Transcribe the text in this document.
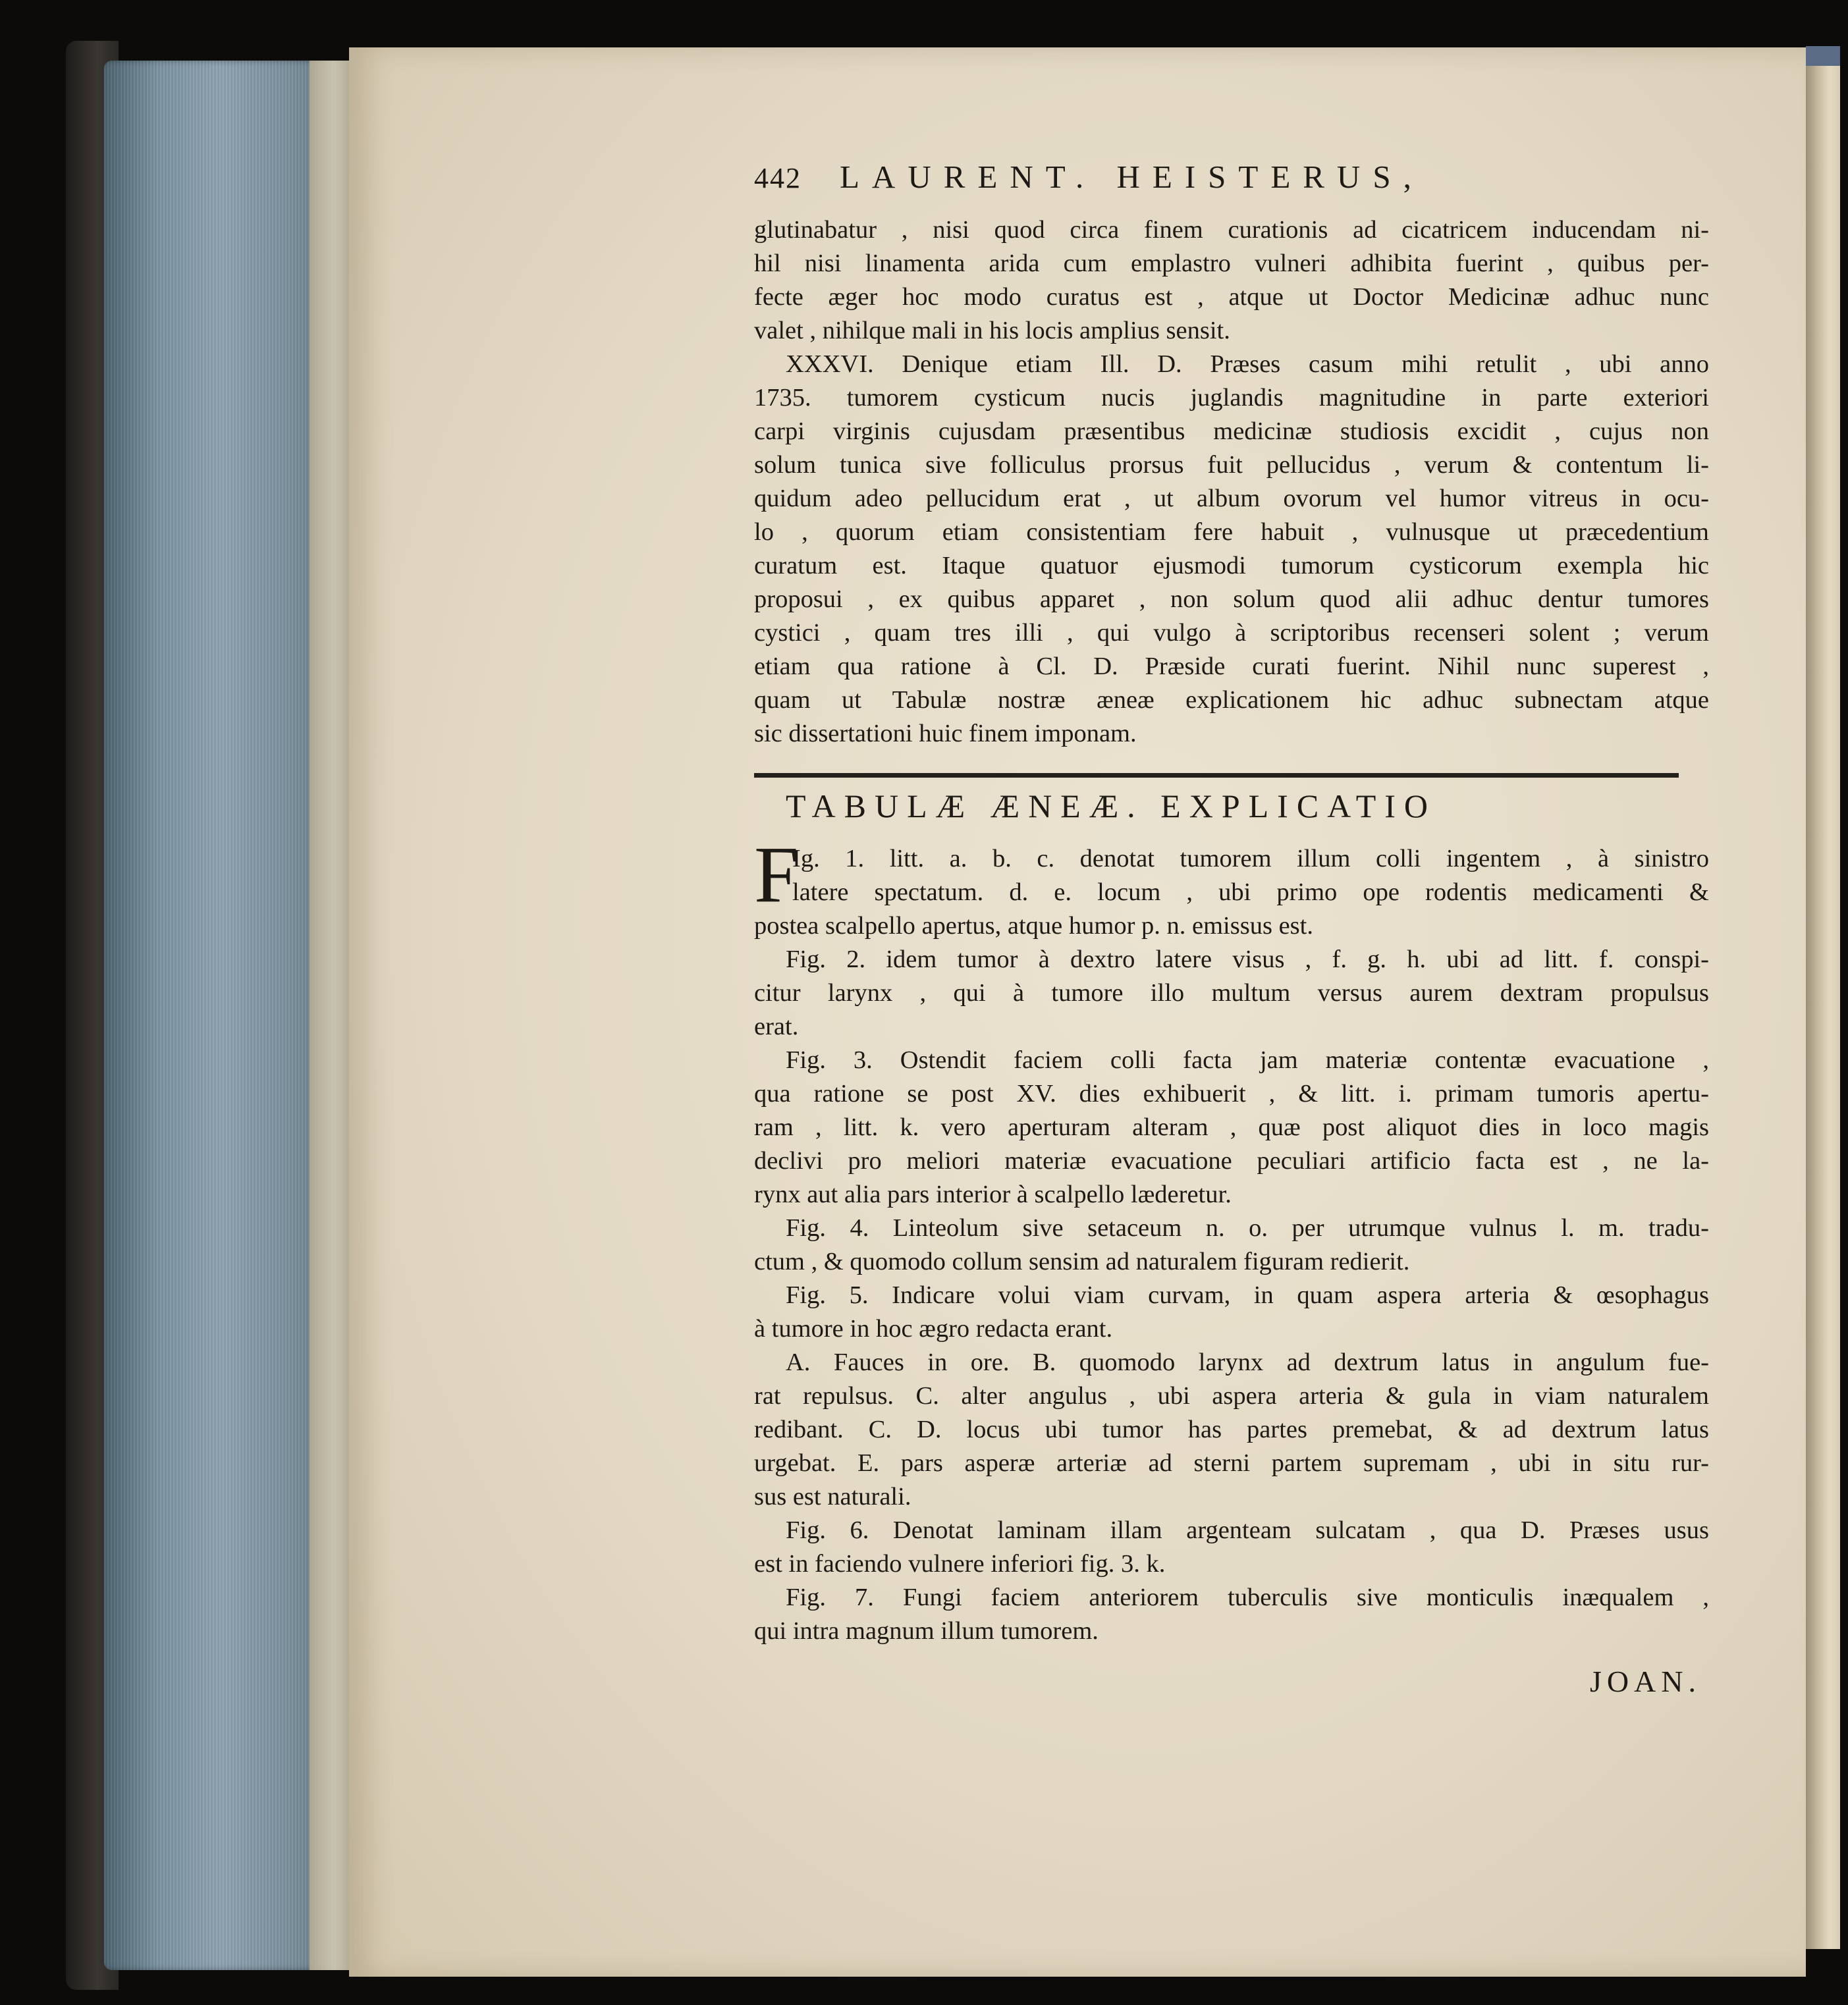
442	LAURENT. HEISTERUS,
glutinabatur , nisi quod circa finem curationis ad cicatricem inducendam ni-
hil nisi linamenta arida cum emplastro vulneri adhibita fuerint , quibus per-
fecte æger hoc modo curatus est , atque ut Doctor Medicinæ adhuc nunc
valet , nihilque mali in his locis amplius sensit.
XXXVI. Denique etiam Ill. D. Præses casum mihi retulit , ubi anno
1735. tumorem cysticum nucis juglandis magnitudine in parte exteriori
carpi virginis cujusdam præsentibus medicinæ studiosis excidit , cujus non
solum tunica sive folliculus prorsus fuit pellucidus , verum & contentum li-
quidum adeo pellucidum erat , ut album ovorum vel humor vitreus in ocu-
lo , quorum etiam consistentiam fere habuit , vulnusque ut præcedentium
curatum est. Itaque quatuor ejusmodi tumorum cysticorum exempla hic
proposui , ex quibus apparet , non solum quod alii adhuc dentur tumores
cystici , quam tres illi , qui vulgo à scriptoribus recenseri solent ; verum
etiam qua ratione à Cl. D. Præside curati fuerint. Nihil nunc superest ,
quam ut Tabulæ nostræ æneæ explicationem hic adhuc subnectam atque
sic dissertationi huic finem imponam.
TABULÆ ÆNEÆ. EXPLICATIO
F
Ig. 1. litt. a. b. c. denotat tumorem illum colli ingentem , à sinistro
latere spectatum. d. e. locum , ubi primo ope rodentis medicamenti &
postea scalpello apertus, atque humor p. n. emissus est.
Fig. 2. idem tumor à dextro latere visus , f. g. h. ubi ad litt. f. conspi-
citur larynx , qui à tumore illo multum versus aurem dextram propulsus
erat.
Fig. 3. Ostendit faciem colli facta jam materiæ contentæ evacuatione ,
qua ratione se post XV. dies exhibuerit , & litt. i. primam tumoris apertu-
ram , litt. k. vero aperturam alteram , quæ post aliquot dies in loco magis
declivi pro meliori materiæ evacuatione peculiari artificio facta est , ne la-
rynx aut alia pars interior à scalpello læderetur.
Fig. 4. Linteolum sive setaceum n. o. per utrumque vulnus l. m. tradu-
ctum , & quomodo collum sensim ad naturalem figuram redierit.
Fig. 5. Indicare volui viam curvam, in quam aspera arteria & œsophagus
à tumore in hoc ægro redacta erant.
A. Fauces in ore. B. quomodo larynx ad dextrum latus in angulum fue-
rat repulsus. C. alter angulus , ubi aspera arteria & gula in viam naturalem
redibant. C. D. locus ubi tumor has partes premebat, & ad dextrum latus
urgebat. E. pars asperæ arteriæ ad sterni partem supremam , ubi in situ rur-
sus est naturali.
Fig. 6. Denotat laminam illam argenteam sulcatam , qua D. Præses usus
est in faciendo vulnere inferiori fig. 3. k.
Fig. 7. Fungi faciem anteriorem tuberculis sive monticulis inæqualem ,
qui intra magnum illum tumorem.
JOAN.
